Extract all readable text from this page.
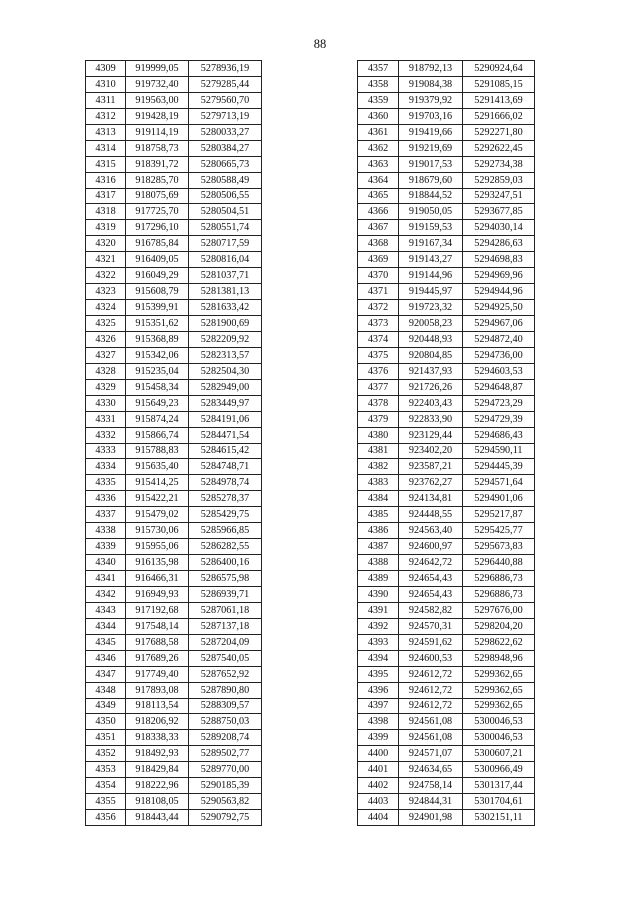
88
4309	919999,05	5278936,19
4310	919732,40	5279285,44
4311	919563,00	5279560,70
4312	919428,19	5279713,19
4313	919114,19	5280033,27
4314	918758,73	5280384,27
4315	918391,72	5280665,73
4316	918285,70	5280588,49
4317	918075,69	5280506,55
4318	917725,70	5280504,51
4319	917296,10	5280551,74
4320	916785,84	5280717,59
4321	916409,05	5280816,04
4322	916049,29	5281037,71
4323	915608,79	5281381,13
4324	915399,91	5281633,42
4325	915351,62	5281900,69
4326	915368,89	5282209,92
4327	915342,06	5282313,57
4328	915235,04	5282504,30
4329	915458,34	5282949,00
4330	915649,23	5283449,97
4331	915874,24	5284191,06
4332	915866,74	5284471,54
4333	915788,83	5284615,42
4334	915635,40	5284748,71
4335	915414,25	5284978,74
4336	915422,21	5285278,37
4337	915479,02	5285429,75
4338	915730,06	5285966,85
4339	915955,06	5286282,55
4340	916135,98	5286400,16
4341	916466,31	5286575,98
4342	916949,93	5286939,71
4343	917192,68	5287061,18
4344	917548,14	5287137,18
4345	917688,58	5287204,09
4346	917689,26	5287540,05
4347	917749,40	5287652,92
4348	917893,08	5287890,80
4349	918113,54	5288309,57
4350	918206,92	5288750,03
4351	918338,33	5289208,74
4352	918492,93	5289502,77
4353	918429,84	5289770,00
4354	918222,96	5290185,39
4355	918108,05	5290563,82
4356	918443,44	5290792,75
4357	918792,13	5290924,64
4358	919084,38	5291085,15
4359	919379,92	5291413,69
4360	919703,16	5291666,02
4361	919419,66	5292271,80
4362	919219,69	5292622,45
4363	919017,53	5292734,38
4364	918679,60	5292859,03
4365	918844,52	5293247,51
4366	919050,05	5293677,85
4367	919159,53	5294030,14
4368	919167,34	5294286,63
4369	919143,27	5294698,83
4370	919144,96	5294969,96
4371	919445,97	5294944,96
4372	919723,32	5294925,50
4373	920058,23	5294967,06
4374	920448,93	5294872,40
4375	920804,85	5294736,00
4376	921437,93	5294603,53
4377	921726,26	5294648,87
4378	922403,43	5294723,29
4379	922833,90	5294729,39
4380	923129,44	5294686,43
4381	923402,20	5294590,11
4382	923587,21	5294445,39
4383	923762,27	5294571,64
4384	924134,81	5294901,06
4385	924448,55	5295217,87
4386	924563,40	5295425,77
4387	924600,97	5295673,83
4388	924642,72	5296440,88
4389	924654,43	5296886,73
4390	924654,43	5296886,73
4391	924582,82	5297676,00
4392	924570,31	5298204,20
4393	924591,62	5298622,62
4394	924600,53	5298948,96
4395	924612,72	5299362,65
4396	924612,72	5299362,65
4397	924612,72	5299362,65
4398	924561,08	5300046,53
4399	924561,08	5300046,53
4400	924571,07	5300607,21
4401	924634,65	5300966,49
4402	924758,14	5301317,44
4403	924844,31	5301704,61
4404	924901,98	5302151,11
